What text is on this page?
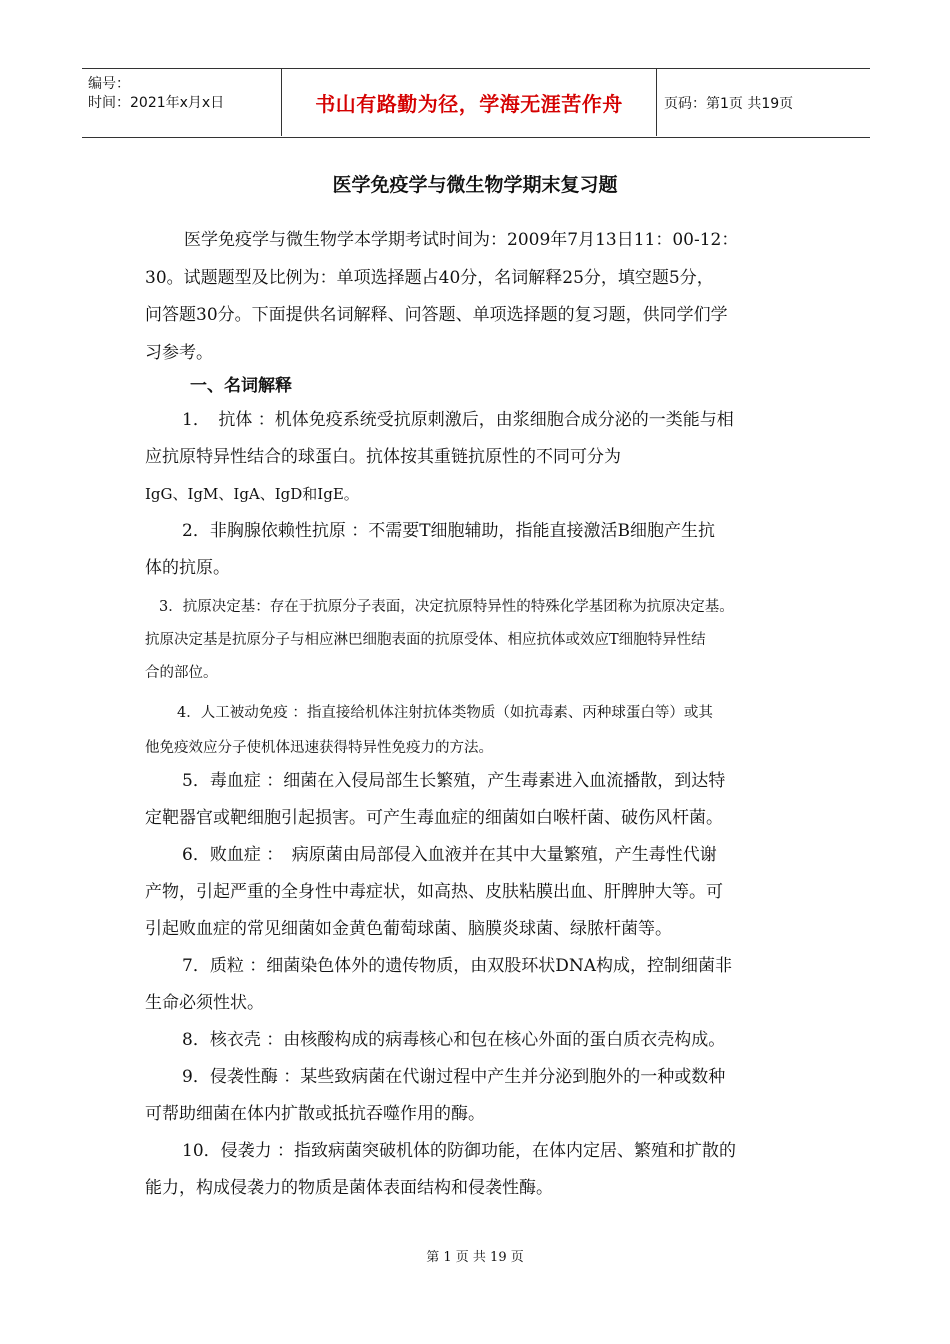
编号：
时间：2021年x月x日	书山有路勤为径，学海无涯苦作舟	页码：第1页 共19页
医学免疫学与微生物学期末复习题
　医学免疫学与微生物学本学期考试时间为：2009年7月13日11：00-12：
30。试题题型及比例为：单项选择题占40分，名词解释25分，填空题5分，
问答题30分。下面提供名词解释、问答题、单项选择题的复习题，供同学们学
习参考。
一、名词解释
　1．　抗体 ：机体免疫系统受抗原刺激后，由浆细胞合成分泌的一类能与相
应抗原特异性结合的球蛋白。抗体按其重链抗原性的不同可分为
IgG、IgM、IgA、IgD和IgE。
　2．非胸腺依赖性抗原 ：不需要T细胞辅助，指能直接激活B细胞产生抗
体的抗原。
3．抗原决定基：存在于抗原分子表面，决定抗原特异性的特殊化学基团称为抗原决定基。
抗原决定基是抗原分子与相应淋巴细胞表面的抗原受体、相应抗体或效应T细胞特异性结
合的部位。
4．人工被动免疫 ：指直接给机体注射抗体类物质（如抗毒素、丙种球蛋白等）或其
他免疫效应分子使机体迅速获得特异性免疫力的方法。
　5．毒血症 ：细菌在入侵局部生长繁殖，产生毒素进入血流播散，到达特
定靶器官或靶细胞引起损害。可产生毒血症的细菌如白喉杆菌、破伤风杆菌。
　6．败血症 ：　病原菌由局部侵入血液并在其中大量繁殖，产生毒性代谢
产物，引起严重的全身性中毒症状，如高热、皮肤粘膜出血、肝脾肿大等。可
引起败血症的常见细菌如金黄色葡萄球菌、脑膜炎球菌、绿脓杆菌等。
　7．质粒 ：细菌染色体外的遗传物质，由双股环状DNA构成，控制细菌非
生命必须性状。
　8．核衣壳 ：由核酸构成的病毒核心和包在核心外面的蛋白质衣壳构成。
　9．侵袭性酶 ：某些致病菌在代谢过程中产生并分泌到胞外的一种或数种
可帮助细菌在体内扩散或抵抗吞噬作用的酶。
　10．侵袭力 ：指致病菌突破机体的防御功能，在体内定居、繁殖和扩散的
能力，构成侵袭力的物质是菌体表面结构和侵袭性酶。
第 1 页 共 19 页
